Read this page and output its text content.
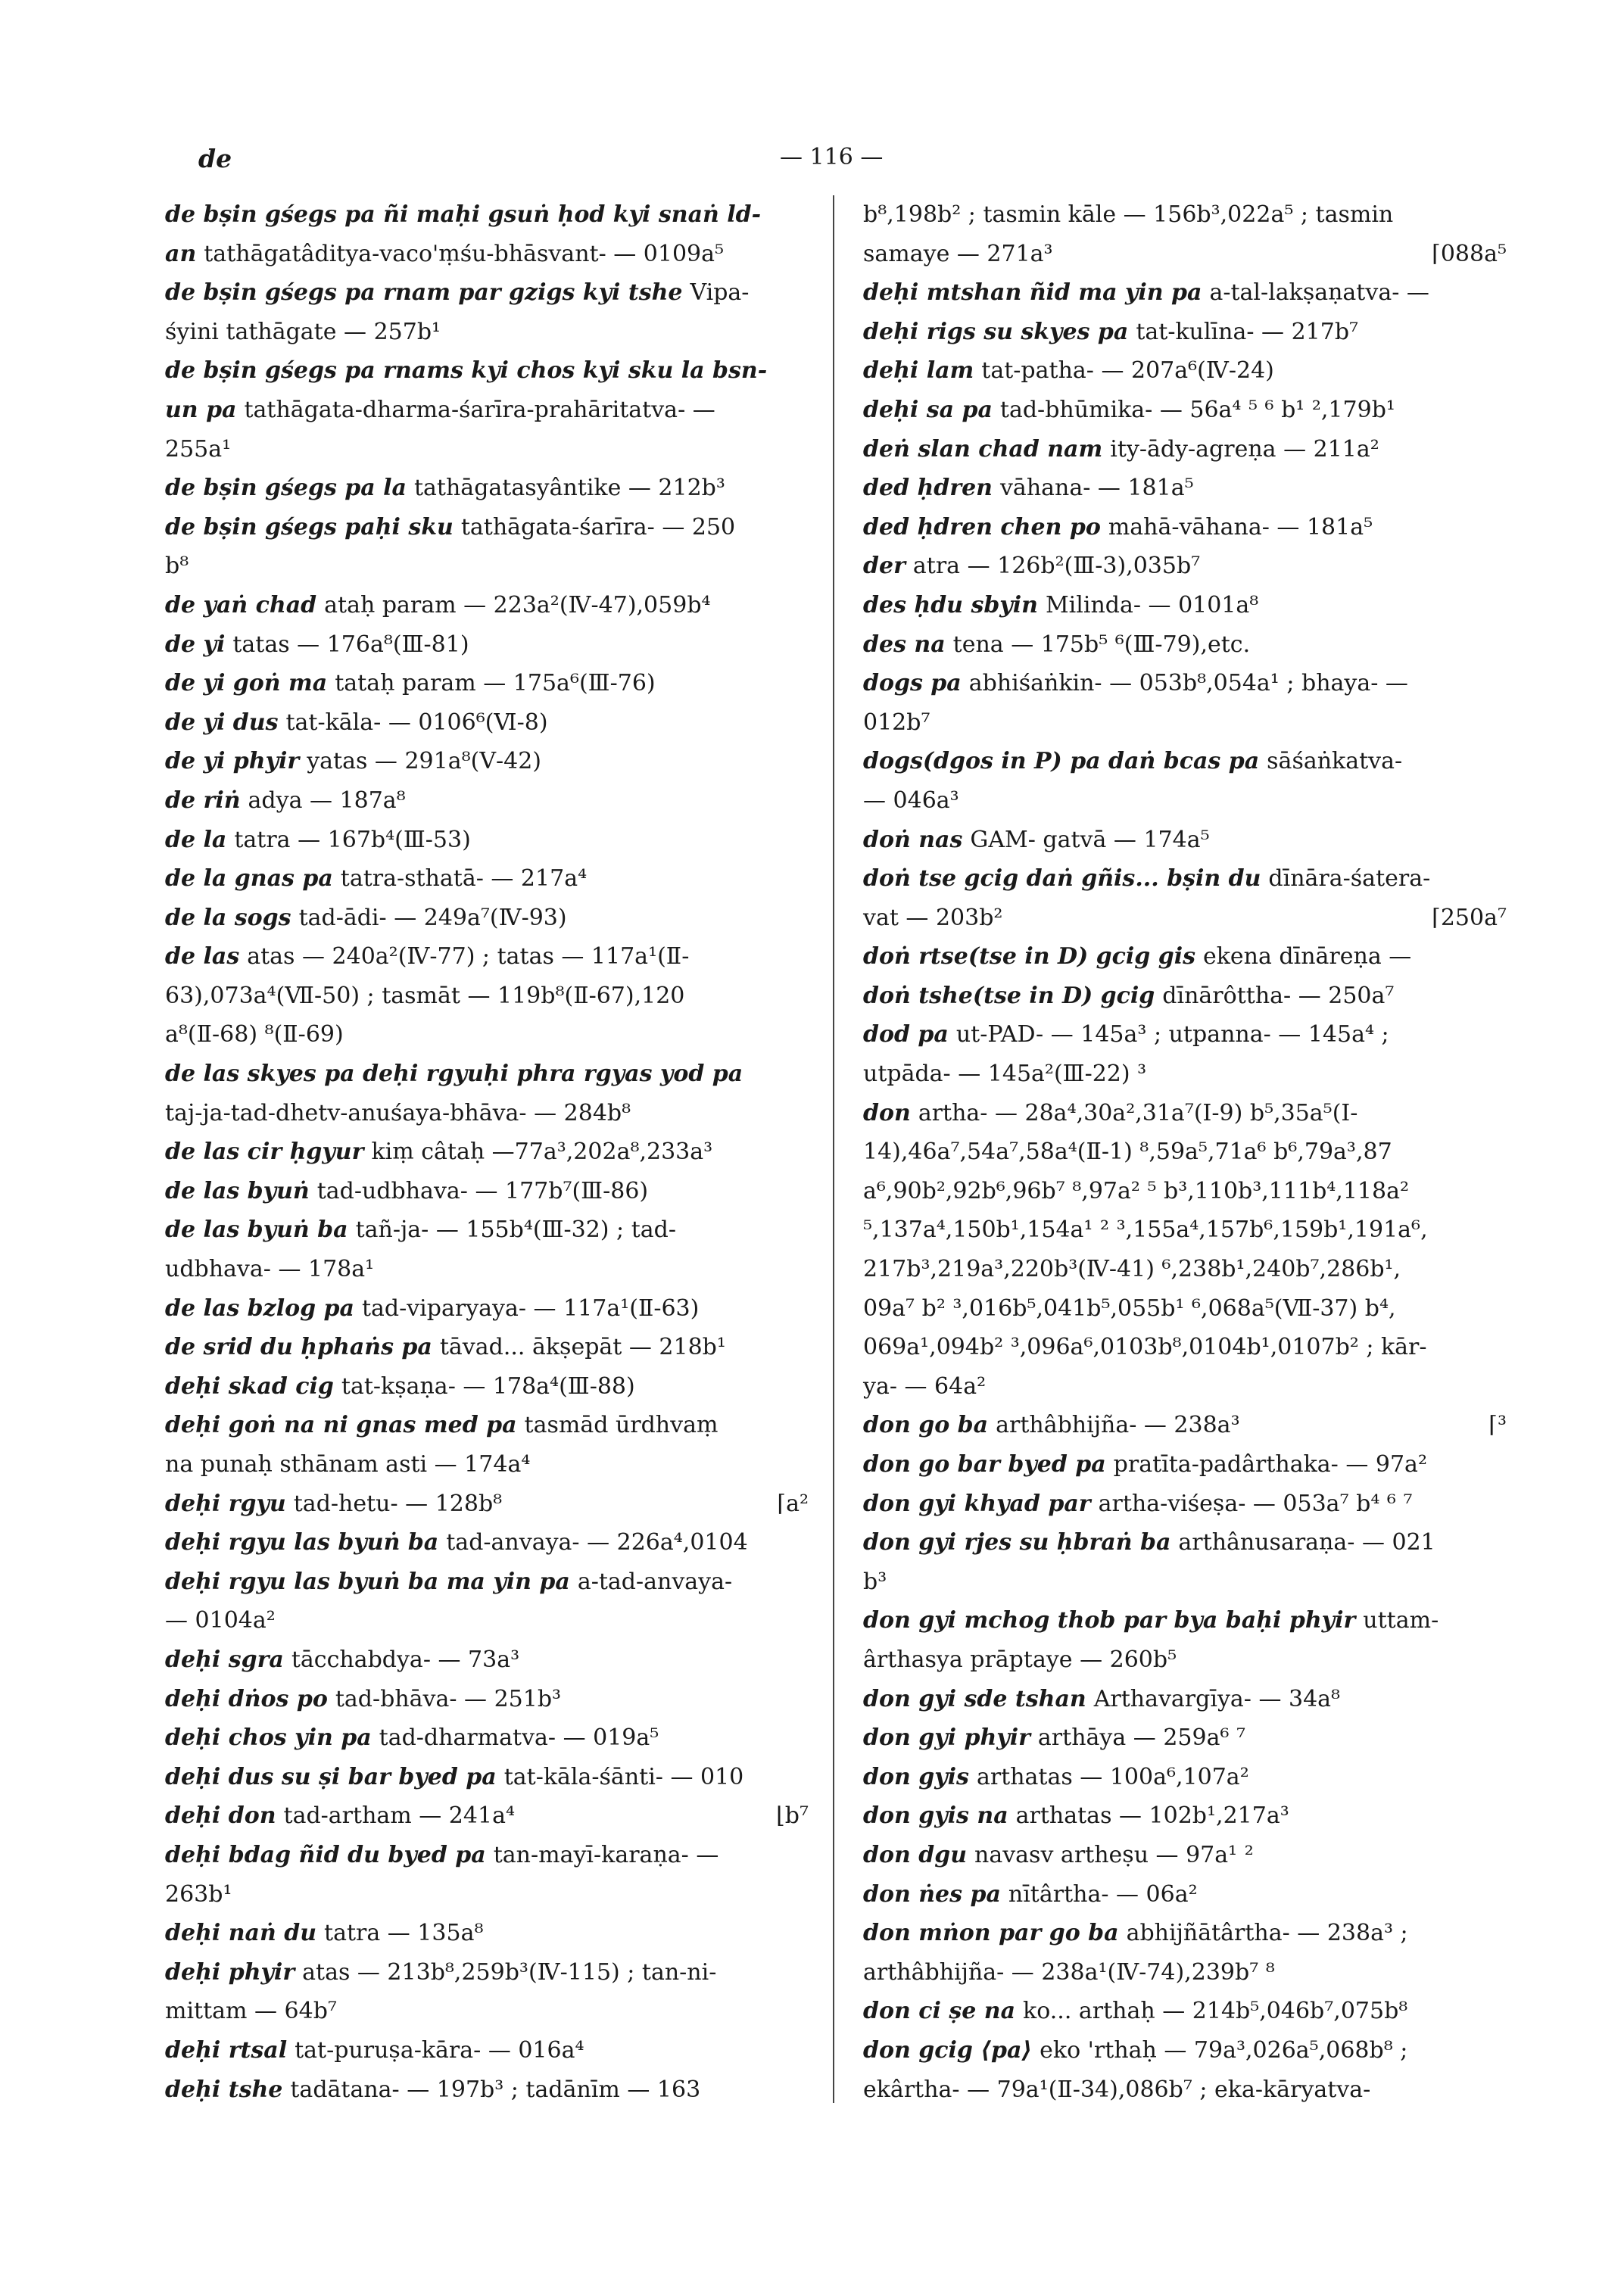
de	— 116 —
de bṣin gśegs pa ñi maḥi gsuṅ ḥod kyi snaṅ ld-
an tathāgatâditya-vaco'ṃśu-bhāsvant- — 0109a⁵
de bṣin gśegs pa rnam par gzigs kyi tshe Vipa-
śyini tathāgate — 257b¹
de bṣin gśegs pa rnams kyi chos kyi sku la bsn-
un pa tathāgata-dharma-śarīra-prahāritatva- —
255a¹
de bṣin gśegs pa la tathāgatasyântike — 212b³
de bṣin gśegs paḥi sku tathāgata-śarīra- — 250
b⁸
de yaṅ chad ataḥ param — 223a²(Ⅳ-47),059b⁴
de yi tatas — 176a⁸(Ⅲ-81)
de yi goṅ ma tataḥ param — 175a⁶(Ⅲ-76)
de yi dus tat-kāla- — 0106⁶(Ⅵ-8)
de yi phyir yatas — 291a⁸(Ⅴ-42)
de riṅ adya — 187a⁸
de la tatra — 167b⁴(Ⅲ-53)
de la gnas pa tatra-sthatā- — 217a⁴
de la sogs tad-ādi- — 249a⁷(Ⅳ-93)
de las atas — 240a²(Ⅳ-77) ; tatas — 117a¹(Ⅱ-
63),073a⁴(Ⅶ-50) ; tasmāt — 119b⁸(Ⅱ-67),120
a⁸(Ⅱ-68) ⁸(Ⅱ-69)
de las skyes pa deḥi rgyuḥi phra rgyas yod pa
taj-ja-tad-dhetv-anuśaya-bhāva- — 284b⁸
de las cir ḥgyur kiṃ câtaḥ —77a³,202a⁸,233a³
de las byuṅ tad-udbhava- — 177b⁷(Ⅲ-86)
de las byuṅ ba tañ-ja- — 155b⁴(Ⅲ-32) ; tad-
udbhava- — 178a¹
de las bzlog pa tad-viparyaya- — 117a¹(Ⅱ-63)
de srid du ḥphaṅs pa tāvad... ākṣepāt — 218b¹
deḥi skad cig tat-kṣaṇa- — 178a⁴(Ⅲ-88)
deḥi goṅ na ni gnas med pa tasmād ūrdhvaṃ
na punaḥ sthānam asti — 174a⁴
deḥi rgyu tad-hetu- — 128b⁸	⌈a²
deḥi rgyu las byuṅ ba tad-anvaya- — 226a⁴,0104
deḥi rgyu las byuṅ ba ma yin pa a-tad-anvaya-
— 0104a²
deḥi sgra tācchabdya- — 73a³
deḥi dṅos po tad-bhāva- — 251b³
deḥi chos yin pa tad-dharmatva- — 019a⁵
deḥi dus su ṣi bar byed pa tat-kāla-śānti- — 010
deḥi don tad-artham — 241a⁴	⌊b⁷
deḥi bdag ñid du byed pa tan-mayī-karaṇa- —
263b¹
deḥi naṅ du tatra — 135a⁸
deḥi phyir atas — 213b⁸,259b³(Ⅳ-115) ; tan-ni-
mittam — 64b⁷
deḥi rtsal tat-puruṣa-kāra- — 016a⁴
deḥi tshe tadātana- — 197b³ ; tadānīm — 163
b⁸,198b² ; tasmin kāle — 156b³,022a⁵ ; tasmin
samaye — 271a³	⌈088a⁵
deḥi mtshan ñid ma yin pa a-tal-lakṣaṇatva- —
deḥi rigs su skyes pa tat-kulīna- — 217b⁷
deḥi lam tat-patha- — 207a⁶(Ⅳ-24)
deḥi sa pa tad-bhūmika- — 56a⁴ ⁵ ⁶ b¹ ²,179b¹
deṅ slan chad nam ity-ādy-agreṇa — 211a²
ded ḥdren vāhana- — 181a⁵
ded ḥdren chen po mahā-vāhana- — 181a⁵
der atra — 126b²(Ⅲ-3),035b⁷
des ḥdu sbyin Milinda- — 0101a⁸
des na tena — 175b⁵ ⁶(Ⅲ-79),etc.
dogs pa abhiśaṅkin- — 053b⁸,054a¹ ; bhaya- —
012b⁷
dogs(dgos in P) pa daṅ bcas pa sāśaṅkatva-
— 046a³
doṅ nas GAM- gatvā — 174a⁵
doṅ tse gcig daṅ gñis... bṣin du dīnāra-śatera-
vat — 203b²	⌈250a⁷
doṅ rtse(tse in D) gcig gis ekena dīnāreṇa —
doṅ tshe(tse in D) gcig dīnārôttha- — 250a⁷
dod pa ut-PAD- — 145a³ ; utpanna- — 145a⁴ ;
utpāda- — 145a²(Ⅲ-22) ³
don artha- — 28a⁴,30a²,31a⁷(Ⅰ-9) b⁵,35a⁵(Ⅰ-
14),46a⁷,54a⁷,58a⁴(Ⅱ-1) ⁸,59a⁵,71a⁶ b⁶,79a³,87
a⁶,90b²,92b⁶,96b⁷ ⁸,97a² ⁵ b³,110b³,111b⁴,118a²
⁵,137a⁴,150b¹,154a¹ ² ³,155a⁴,157b⁶,159b¹,191a⁶,
217b³,219a³,220b³(Ⅳ-41) ⁶,238b¹,240b⁷,286b¹,
09a⁷ b² ³,016b⁵,041b⁵,055b¹ ⁶,068a⁵(Ⅶ-37) b⁴,
069a¹,094b² ³,096a⁶,0103b⁸,0104b¹,0107b² ; kār-
ya- — 64a²
don go ba arthâbhijña- — 238a³	⌈³
don go bar byed pa pratīta-padârthaka- — 97a²
don gyi khyad par artha-viśeṣa- — 053a⁷ b⁴ ⁶ ⁷
don gyi rjes su ḥbraṅ ba arthânusaraṇa- — 021
b³
don gyi mchog thob par bya baḥi phyir uttam-
ârthasya prāptaye — 260b⁵
don gyi sde tshan Arthavargīya- — 34a⁸
don gyi phyir arthāya — 259a⁶ ⁷
don gyis arthatas — 100a⁶,107a²
don gyis na arthatas — 102b¹,217a³
don dgu navasv artheṣu — 97a¹ ²
don ṅes pa nītârtha- — 06a²
don mṅon par go ba abhijñātârtha- — 238a³ ;
arthâbhijña- — 238a¹(Ⅳ-74),239b⁷ ⁸
don ci ṣe na ko... arthaḥ — 214b⁵,046b⁷,075b⁸
don gcig ⟨pa⟩ eko 'rthaḥ — 79a³,026a⁵,068b⁸ ;
ekârtha- — 79a¹(Ⅱ-34),086b⁷ ; eka-kāryatva-
